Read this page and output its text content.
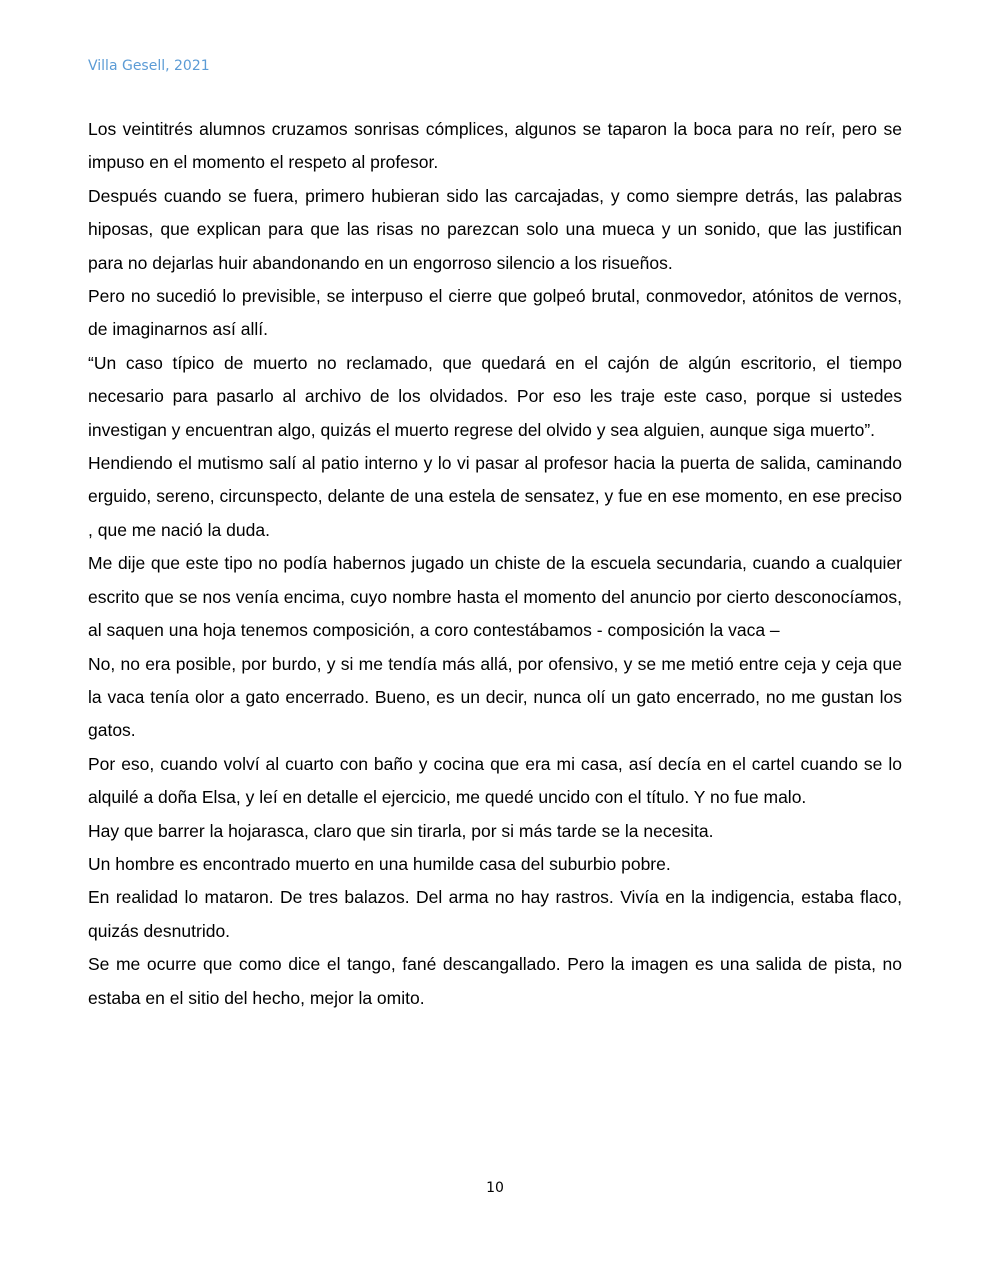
Villa Gesell, 2021

Los veintitrés alumnos cruzamos sonrisas cómplices, algunos se taparon la boca para no reír, pero se impuso en el momento el respeto al profesor.

Después cuando se fuera, primero hubieran sido las carcajadas, y como siempre detrás, las palabras hiposas, que explican para que las risas no parezcan solo una mueca y un sonido, que las justifican para no dejarlas huir abandonando en un engorroso silencio a los risueños.

Pero no sucedió lo previsible, se interpuso el cierre que golpeó brutal, conmovedor, atónitos de vernos, de imaginarnos así allí.

“Un caso típico de muerto no reclamado, que quedará en el cajón de algún escritorio, el tiempo necesario para pasarlo al archivo de los olvidados. Por eso les traje este caso, porque si ustedes investigan y encuentran algo, quizás el muerto regrese del olvido y sea alguien, aunque siga muerto”.

Hendiendo el mutismo salí al patio interno y lo vi pasar al profesor hacia la puerta de salida, caminando erguido, sereno, circunspecto, delante de una estela de sensatez, y fue en ese momento, en ese preciso , que me nació la duda.

Me dije que este tipo no podía habernos jugado un chiste de la escuela secundaria, cuando a cualquier escrito que se nos venía encima, cuyo nombre hasta el momento del anuncio por cierto desconocíamos, al saquen una hoja tenemos composición, a coro contestábamos - composición la vaca –

No, no era posible, por burdo, y si me tendía más allá, por ofensivo, y se me metió entre ceja y ceja que la vaca tenía olor a gato encerrado. Bueno, es un decir, nunca olí un gato encerrado, no me gustan los gatos.

Por eso, cuando volví al cuarto con baño y cocina que era mi casa, así decía en el cartel cuando se lo alquilé a doña Elsa, y leí en detalle el ejercicio, me quedé uncido con el título. Y no fue malo.

Hay que barrer la hojarasca, claro que sin tirarla, por si más tarde se la necesita.

Un hombre es encontrado muerto en una humilde casa del suburbio pobre.

En realidad lo mataron. De tres balazos. Del arma no hay rastros. Vivía en la indigencia, estaba flaco, quizás desnutrido.

Se me ocurre que como dice el tango, fané descangallado. Pero la imagen es una salida de pista, no estaba en el sitio del hecho, mejor la omito.

10
